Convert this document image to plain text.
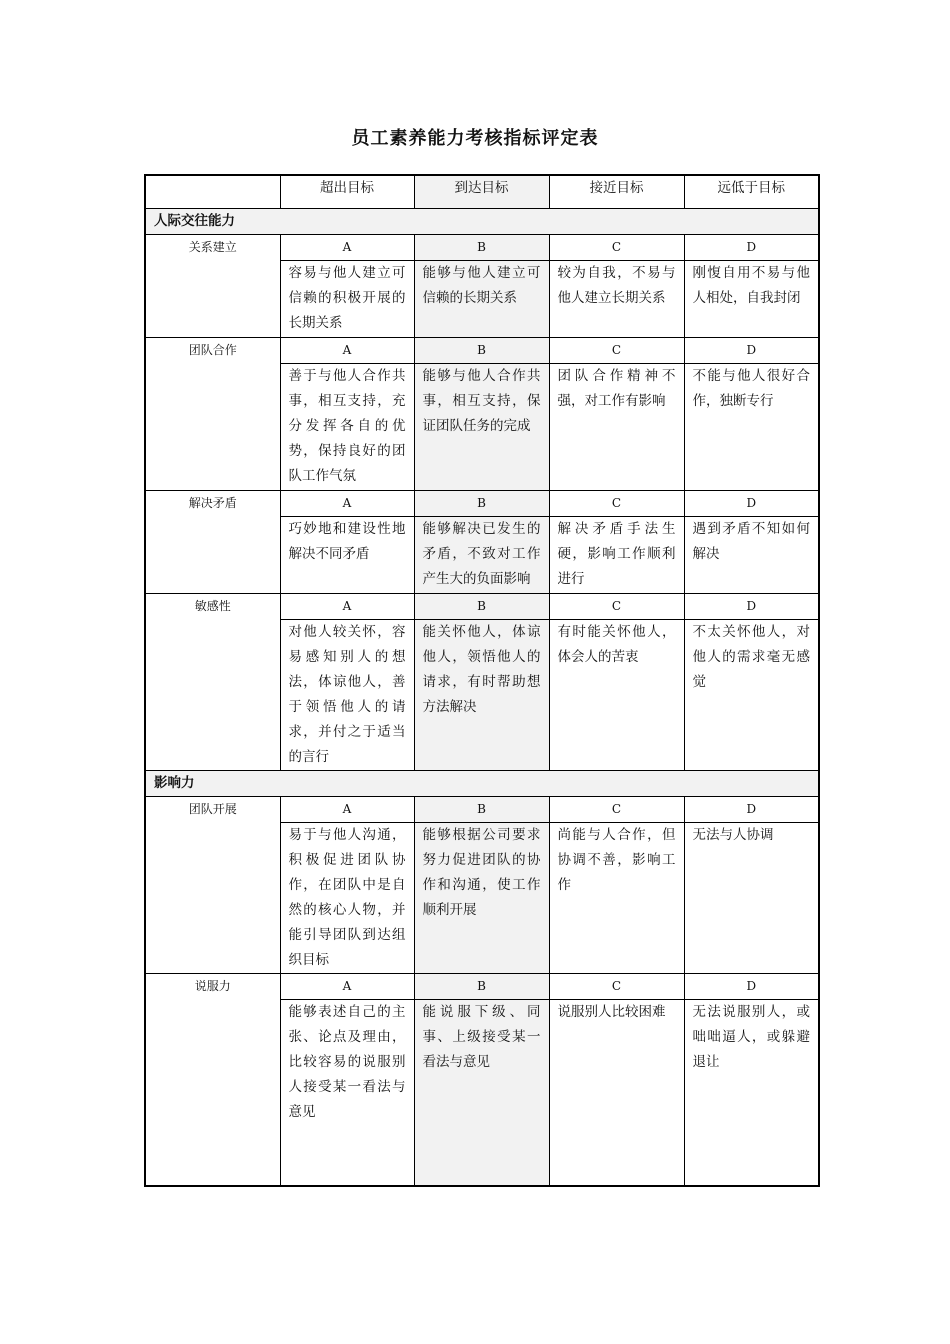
员工素养能力考核指标评定表
	超出目标	到达目标	接近目标	远低于目标
人际交往能力				
关系建立	A	B	C	D
	容易与他人建立可信赖的积极开展的长期关系	能够与他人建立可信赖的长期关系	较为自我，不易与他人建立长期关系	刚愎自用不易与他人相处，自我封闭
团队合作	A	B	C	D
	善于与他人合作共事，相互支持，充分发挥各自的优势，保持良好的团队工作气氛	能够与他人合作共事，相互支持，保证团队任务的完成	团队合作精神不强，对工作有影响	不能与他人很好合作，独断专行
解决矛盾	A	B	C	D
	巧妙地和建设性地解决不同矛盾	能够解决已发生的矛盾，不致对工作产生大的负面影响	解决矛盾手法生硬，影响工作顺利进行	遇到矛盾不知如何解决
敏感性	A	B	C	D
	对他人较关怀，容易感知别人的想法，体谅他人，善于领悟他人的请求，并付之于适当的言行	能关怀他人，体谅他人，领悟他人的请求，有时帮助想方法解决	有时能关怀他人，体会人的苦衷	不太关怀他人，对他人的需求毫无感觉
影响力				
团队开展	A	B	C	D
	易于与他人沟通，积极促进团队协作，在团队中是自然的核心人物，并能引导团队到达组织目标	能够根据公司要求努力促进团队的协作和沟通，使工作顺利开展	尚能与人合作，但协调不善，影响工作	无法与人协调
说服力	A	B	C	D
	能够表述自己的主张、论点及理由，比较容易的说服别人接受某一看法与意见	能说服下级、同事、上级接受某一看法与意见	说服别人比较困难	无法说服别人，或咄咄逼人，或躲避退让
